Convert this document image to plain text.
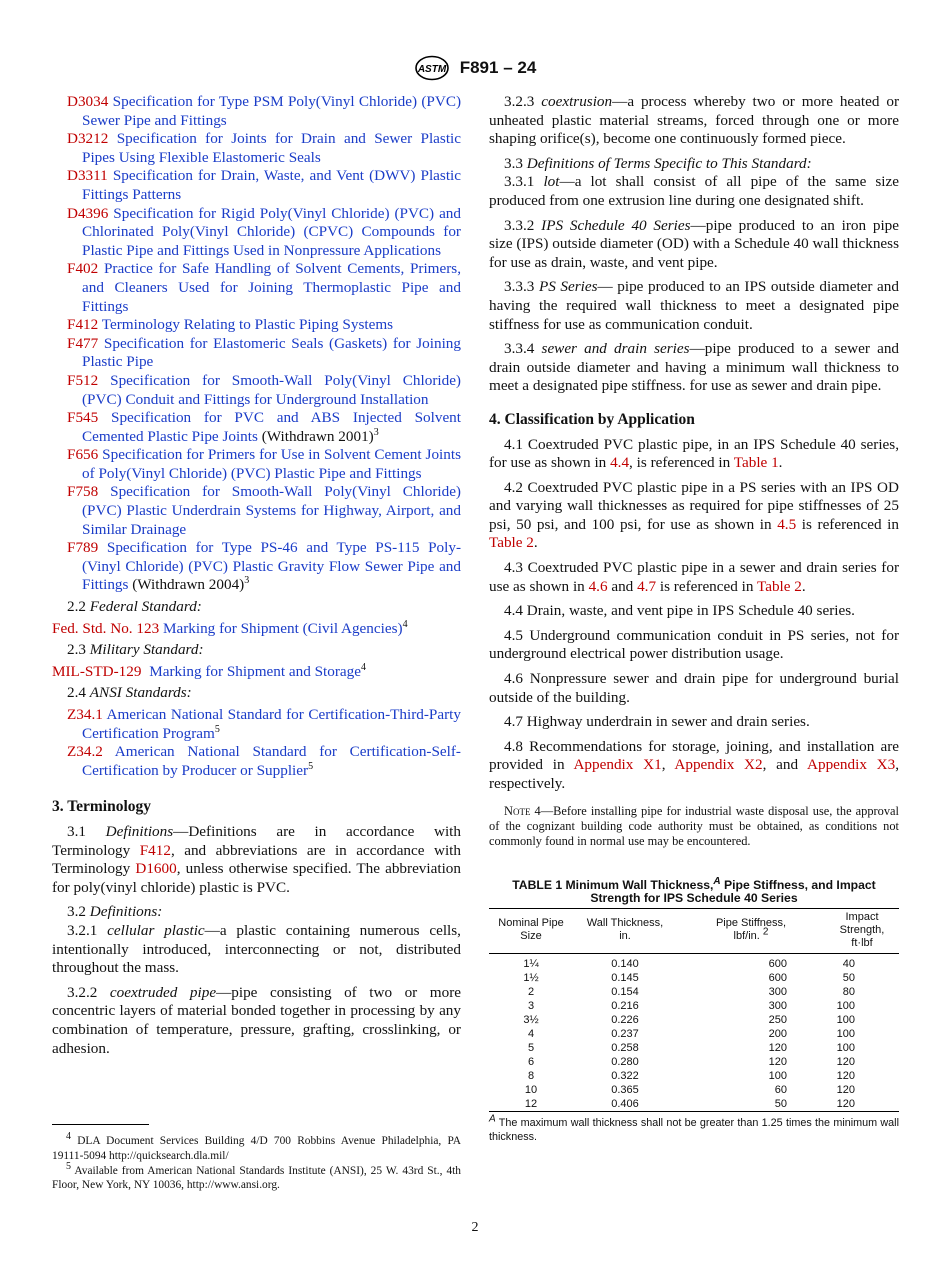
ASTM F891 – 24

D3034 Specification for Type PSM Poly(Vinyl Chloride) (PVC) Sewer Pipe and Fittings

D3212 Specification for Joints for Drain and Sewer Plastic Pipes Using Flexible Elastomeric Seals

D3311 Specification for Drain, Waste, and Vent (DWV) Plastic Fittings Patterns

D4396 Specification for Rigid Poly(Vinyl Chloride) (PVC) and Chlorinated Poly(Vinyl Chloride) (CPVC) Compounds for Plastic Pipe and Fittings Used in Nonpressure Applications

F402 Practice for Safe Handling of Solvent Cements, Primers, and Cleaners Used for Joining Thermoplastic Pipe and Fittings

F412 Terminology Relating to Plastic Piping Systems

F477 Specification for Elastomeric Seals (Gaskets) for Joining Plastic Pipe

F512 Specification for Smooth-Wall Poly(Vinyl Chloride) (PVC) Conduit and Fittings for Underground Installation

F545 Specification for PVC and ABS Injected Solvent Cemented Plastic Pipe Joints (Withdrawn 2001)$^3$

F656 Specification for Primers for Use in Solvent Cement Joints of Poly(Vinyl Chloride) (PVC) Plastic Pipe and Fittings

F758 Specification for Smooth-Wall Poly(Vinyl Chloride) (PVC) Plastic Underdrain Systems for Highway, Airport, and Similar Drainage

F789 Specification for Type PS-46 and Type PS-115 Poly-(Vinyl Chloride) (PVC) Plastic Gravity Flow Sewer Pipe and Fittings (Withdrawn 2004)$^3$

2.2 Federal Standard:

Fed. Std. No. 123 Marking for Shipment (Civil Agencies)$^4$

2.3 Military Standard:

MIL-STD-129 Marking for Shipment and Storage$^4$

2.4 ANSI Standards:

Z34.1 American National Standard for Certification-Third-Party Certification Program$^5$

Z34.2 American National Standard for Certification-Self-Certification by Producer or Supplier$^5$

3. Terminology

3.1 Definitions—Definitions are in accordance with Terminology F412, and abbreviations are in accordance with Terminology D1600, unless otherwise specified. The abbreviation for poly(vinyl chloride) plastic is PVC.

3.2 Definitions:

3.2.1 cellular plastic—a plastic containing numerous cells, intentionally introduced, interconnecting or not, distributed throughout the mass.

3.2.2 coextruded pipe—pipe consisting of two or more concentric layers of material bonded together in processing by any combination of temperature, pressure, grafting, crosslinking, or adhesion.

$^4$ DLA Document Services Building 4/D 700 Robbins Avenue Philadelphia, PA 19111-5094 http://quicksearch.dla.mil/

$^5$ Available from American National Standards Institute (ANSI), 25 W. 43rd St., 4th Floor, New York, NY 10036, http://www.ansi.org.

3.2.3 coextrusion—a process whereby two or more heated or unheated plastic material streams, forced through one or more shaping orifice(s), become one continuously formed piece.

3.3 Definitions of Terms Specific to This Standard:

3.3.1 lot—a lot shall consist of all pipe of the same size produced from one extrusion line during one designated shift.

3.3.2 IPS Schedule 40 Series—pipe produced to an iron pipe size (IPS) outside diameter (OD) with a Schedule 40 wall thickness for use as drain, waste, and vent pipe.

3.3.3 PS Series— pipe produced to an IPS outside diameter and having the required wall thickness to meet a designated pipe stiffness for use as communication conduit.

3.3.4 sewer and drain series—pipe produced to a sewer and drain outside diameter and having a minimum wall thickness to meet a designated pipe stiffness. for use as sewer and drain pipe.

4. Classification by Application

4.1 Coextruded PVC plastic pipe, in an IPS Schedule 40 series, for use as shown in 4.4, is referenced in Table 1.

4.2 Coextruded PVC plastic pipe in a PS series with an IPS OD and varying wall thicknesses as required for pipe stiffnesses of 25 psi, 50 psi, and 100 psi, for use as shown in 4.5 is referenced in Table 2.

4.3 Coextruded PVC plastic pipe in a sewer and drain series for use as shown in 4.6 and 4.7 is referenced in Table 2.

4.4 Drain, waste, and vent pipe in IPS Schedule 40 series.

4.5 Underground communication conduit in PS series, not for underground electrical power distribution usage.

4.6 Nonpressure sewer and drain pipe for underground burial outside of the building.

4.7 Highway underdrain in sewer and drain series.

4.8 Recommendations for storage, joining, and installation are provided in Appendix X1, Appendix X2, and Appendix X3, respectively.

Note 4—Before installing pipe for industrial waste disposal use, the approval of the cognizant building code authority must be obtained, as conditions not commonly found in normal use may be encountered.

TABLE 1 Minimum Wall Thickness,$^A$ Pipe Stiffness, and Impact Strength for IPS Schedule 40 Series
Nominal Pipe
Size	Wall Thickness,
in.	Pipe Stiffness,
lbf/in. $^2$	Impact Strength,
ft·lbf
1¼	0.140	600	40
1½	0.145	600	50
2	0.154	300	80
3	0.216	300	100
3½	0.226	250	100
4	0.237	200	100
5	0.258	120	100
6	0.280	120	120
8	0.322	100	120
10	0.365	60	120
12	0.406	50	120
$^A$ The maximum wall thickness shall not be greater than 1.25 times the minimum wall thickness.
2
